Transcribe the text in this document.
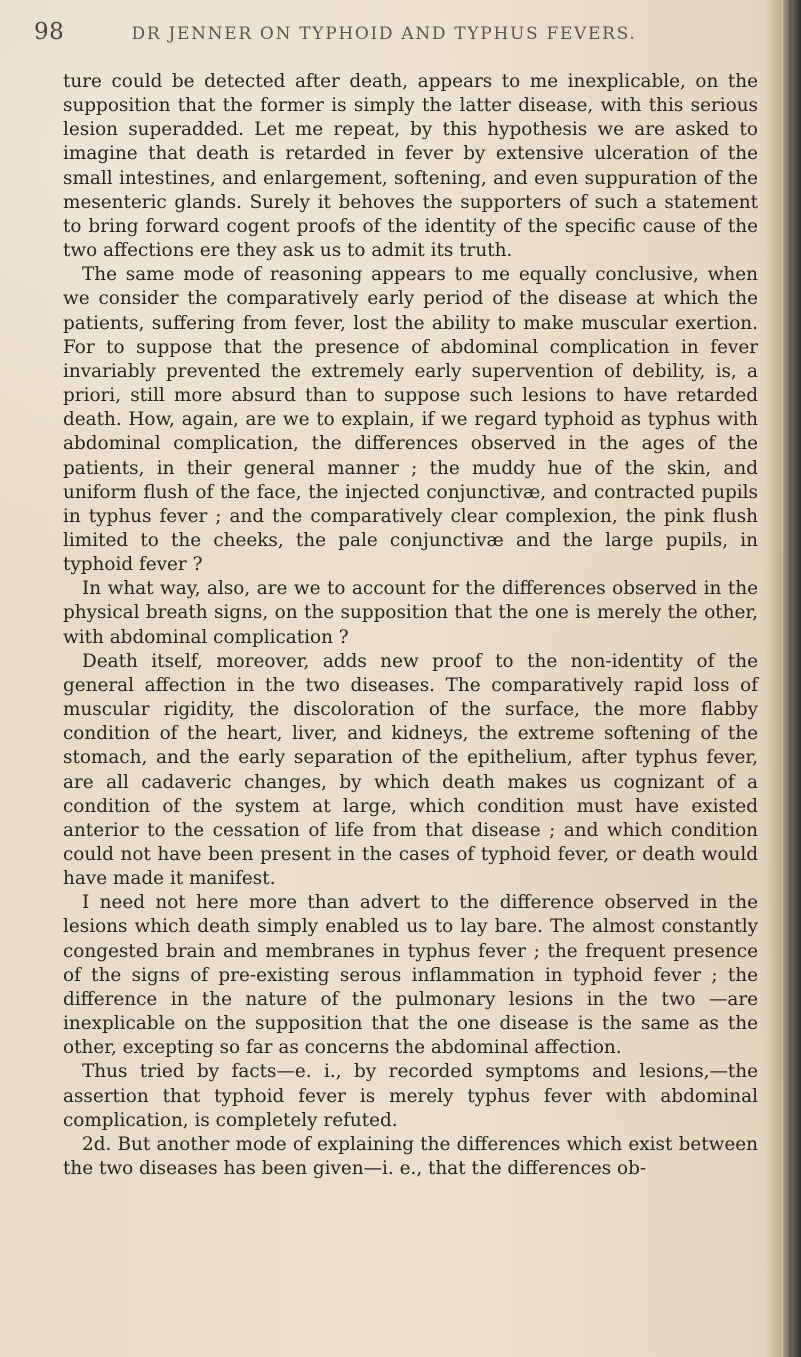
98	DR JENNER ON TYPHOID AND TYPHUS FEVERS.

ture could be detected after death, appears to me inexplicable, on the supposition that the former is simply the latter disease, with this serious lesion superadded. Let me repeat, by this hypothesis we are asked to imagine that death is retarded in fever by extensive ulceration of the small intestines, and enlargement, softening, and even suppuration of the mesenteric glands. Surely it behoves the supporters of such a statement to bring forward cogent proofs of the identity of the specific cause of the two affections ere they ask us to admit its truth.

The same mode of reasoning appears to me equally conclusive, when we consider the comparatively early period of the disease at which the patients, suffering from fever, lost the ability to make muscular exertion. For to suppose that the presence of abdominal complication in fever invariably prevented the extremely early supervention of debility, is, a priori, still more absurd than to suppose such lesions to have retarded death. How, again, are we to explain, if we regard typhoid as typhus with abdominal complication, the differences observed in the ages of the patients, in their general manner ; the muddy hue of the skin, and uniform flush of the face, the injected conjunctivæ, and contracted pupils in typhus fever ; and the comparatively clear complexion, the pink flush limited to the cheeks, the pale conjunctivæ and the large pupils, in typhoid fever ?

In what way, also, are we to account for the differences observed in the physical breath signs, on the supposition that the one is merely the other, with abdominal complication ?

Death itself, moreover, adds new proof to the non-identity of the general affection in the two diseases. The comparatively rapid loss of muscular rigidity, the discoloration of the surface, the more flabby condition of the heart, liver, and kidneys, the extreme softening of the stomach, and the early separation of the epithelium, after typhus fever, are all cadaveric changes, by which death makes us cognizant of a condition of the system at large, which condition must have existed anterior to the cessation of life from that disease ; and which condition could not have been present in the cases of typhoid fever, or death would have made it manifest.

I need not here more than advert to the difference observed in the lesions which death simply enabled us to lay bare. The almost constantly congested brain and membranes in typhus fever ; the frequent presence of the signs of pre-existing serous inflammation in typhoid fever ; the difference in the nature of the pulmonary lesions in the two —are inexplicable on the supposition that the one disease is the same as the other, excepting so far as concerns the abdominal affection.

Thus tried by facts—e. i., by recorded symptoms and lesions,—the assertion that typhoid fever is merely typhus fever with abdominal complication, is completely refuted.

2d. But another mode of explaining the differences which exist between the two diseases has been given—i. e., that the differences ob-
